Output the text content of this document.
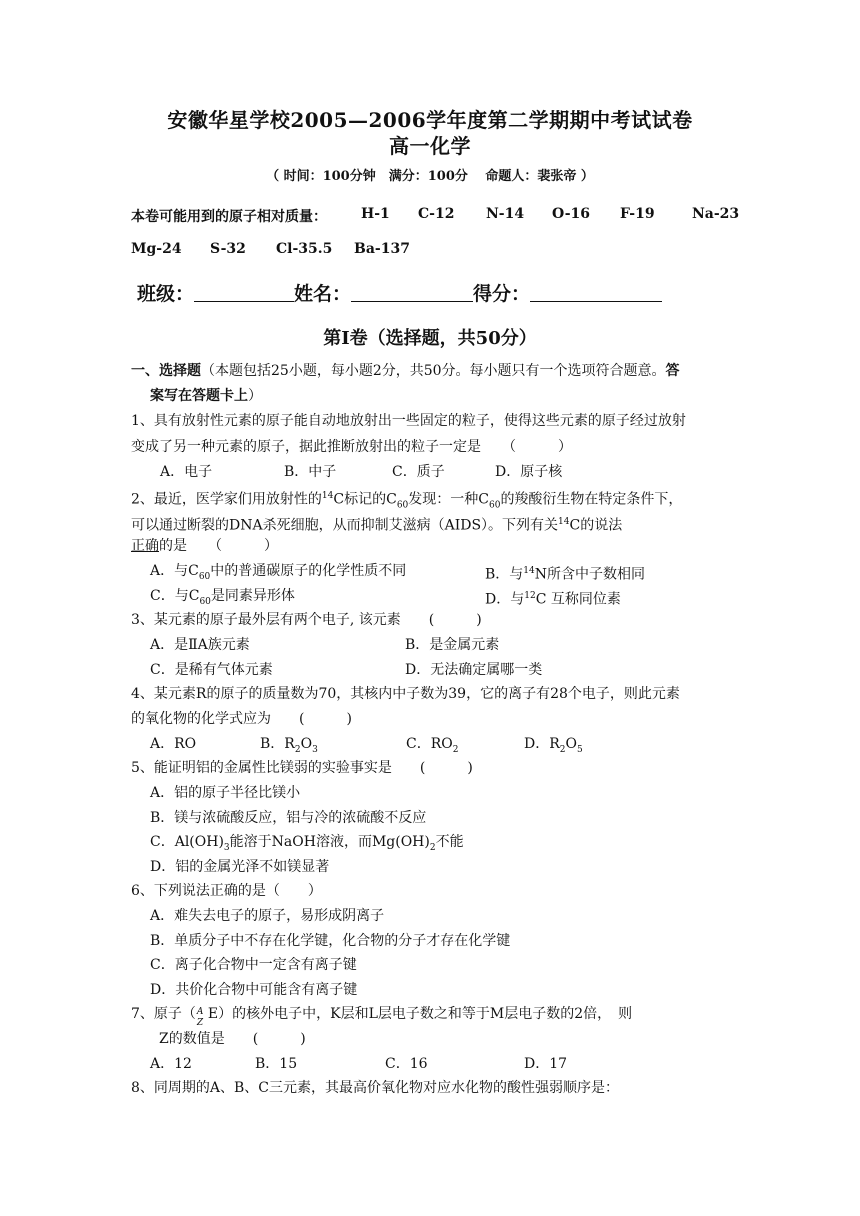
安徽华星学校2005—2006学年度第二学期期中考试试卷
高一化学
（ 时间：100分钟　满分：100分　 命题人：裴张帝 ）
本卷可能用到的原子相对质量： H-1 C-12 N-14 O-16 F-19	Na-23
Mg-24 S-32 Cl-35.5 Ba-137
班级：	姓名：	得分：
第Ⅰ卷（选择题，共50分）
一、选择题（本题包括25小题，每小题2分，共50分。每小题只有一个选项符合题意。答
案写在答题卡上）
1、具有放射性元素的原子能自动地放射出一些固定的粒子，使得这些元素的原子经过放射
变成了另一种元素的原子，据此推断放射出的粒子一定是　　（　　　）
A．电子	B．中子	C．质子	D．原子核
2、最近，医学家们用放射性的$^{14}$C标记的$C_{60}$发现：一种$C_{60}$的羧酸衍生物在特定条件下，
可以通过断裂的DNA杀死细胞，从而抑制艾滋病（AIDS）。下列有关$^{14}$C的说法
正确的是　　（　　　）
A．与$C_{60}$中的普通碳原子的化学性质不同	B．与$^{14}$N所含中子数相同
C．与$C_{60}$是同素异形体	D．与$^{12}$C 互称同位素
3、某元素的原子最外层有两个电子, 该元素　　(　　　)
A．是ⅡA族元素	B．是金属元素
C．是稀有气体元素	D．无法确定属哪一类
4、某元素R的原子的质量数为70，其核内中子数为39，它的离子有28个电子，则此元素
的氧化物的化学式应为　　(　　　)
A．RO	B．$R_2O_3$	C．$RO_2$	D．$R_2O_5$
5、能证明铝的金属性比镁弱的实验事实是　　(　　　)
A．铝的原子半径比镁小
B．镁与浓硫酸反应，铝与冷的浓硫酸不反应
C．$Al(OH)_3$能溶于NaOH溶液，而$Mg(OH)_2$不能
D．铝的金属光泽不如镁显著
6、下列说法正确的是（　　）
A．难失去电子的原子，易形成阴离子
B．单质分子中不存在化学键，化合物的分子才存在化学键
C．离子化合物中一定含有离子键
D．共价化合物中可能含有离子键
7、原子（ A
Z
E）的核外电子中，K层和L层电子数之和等于M层电子数的2倍，　则
Z的数值是　　(　　　)
A．12	B．15	C．16	D．17
8、同周期的A、B、C三元素，其最高价氧化物对应水化物的酸性强弱顺序是：
